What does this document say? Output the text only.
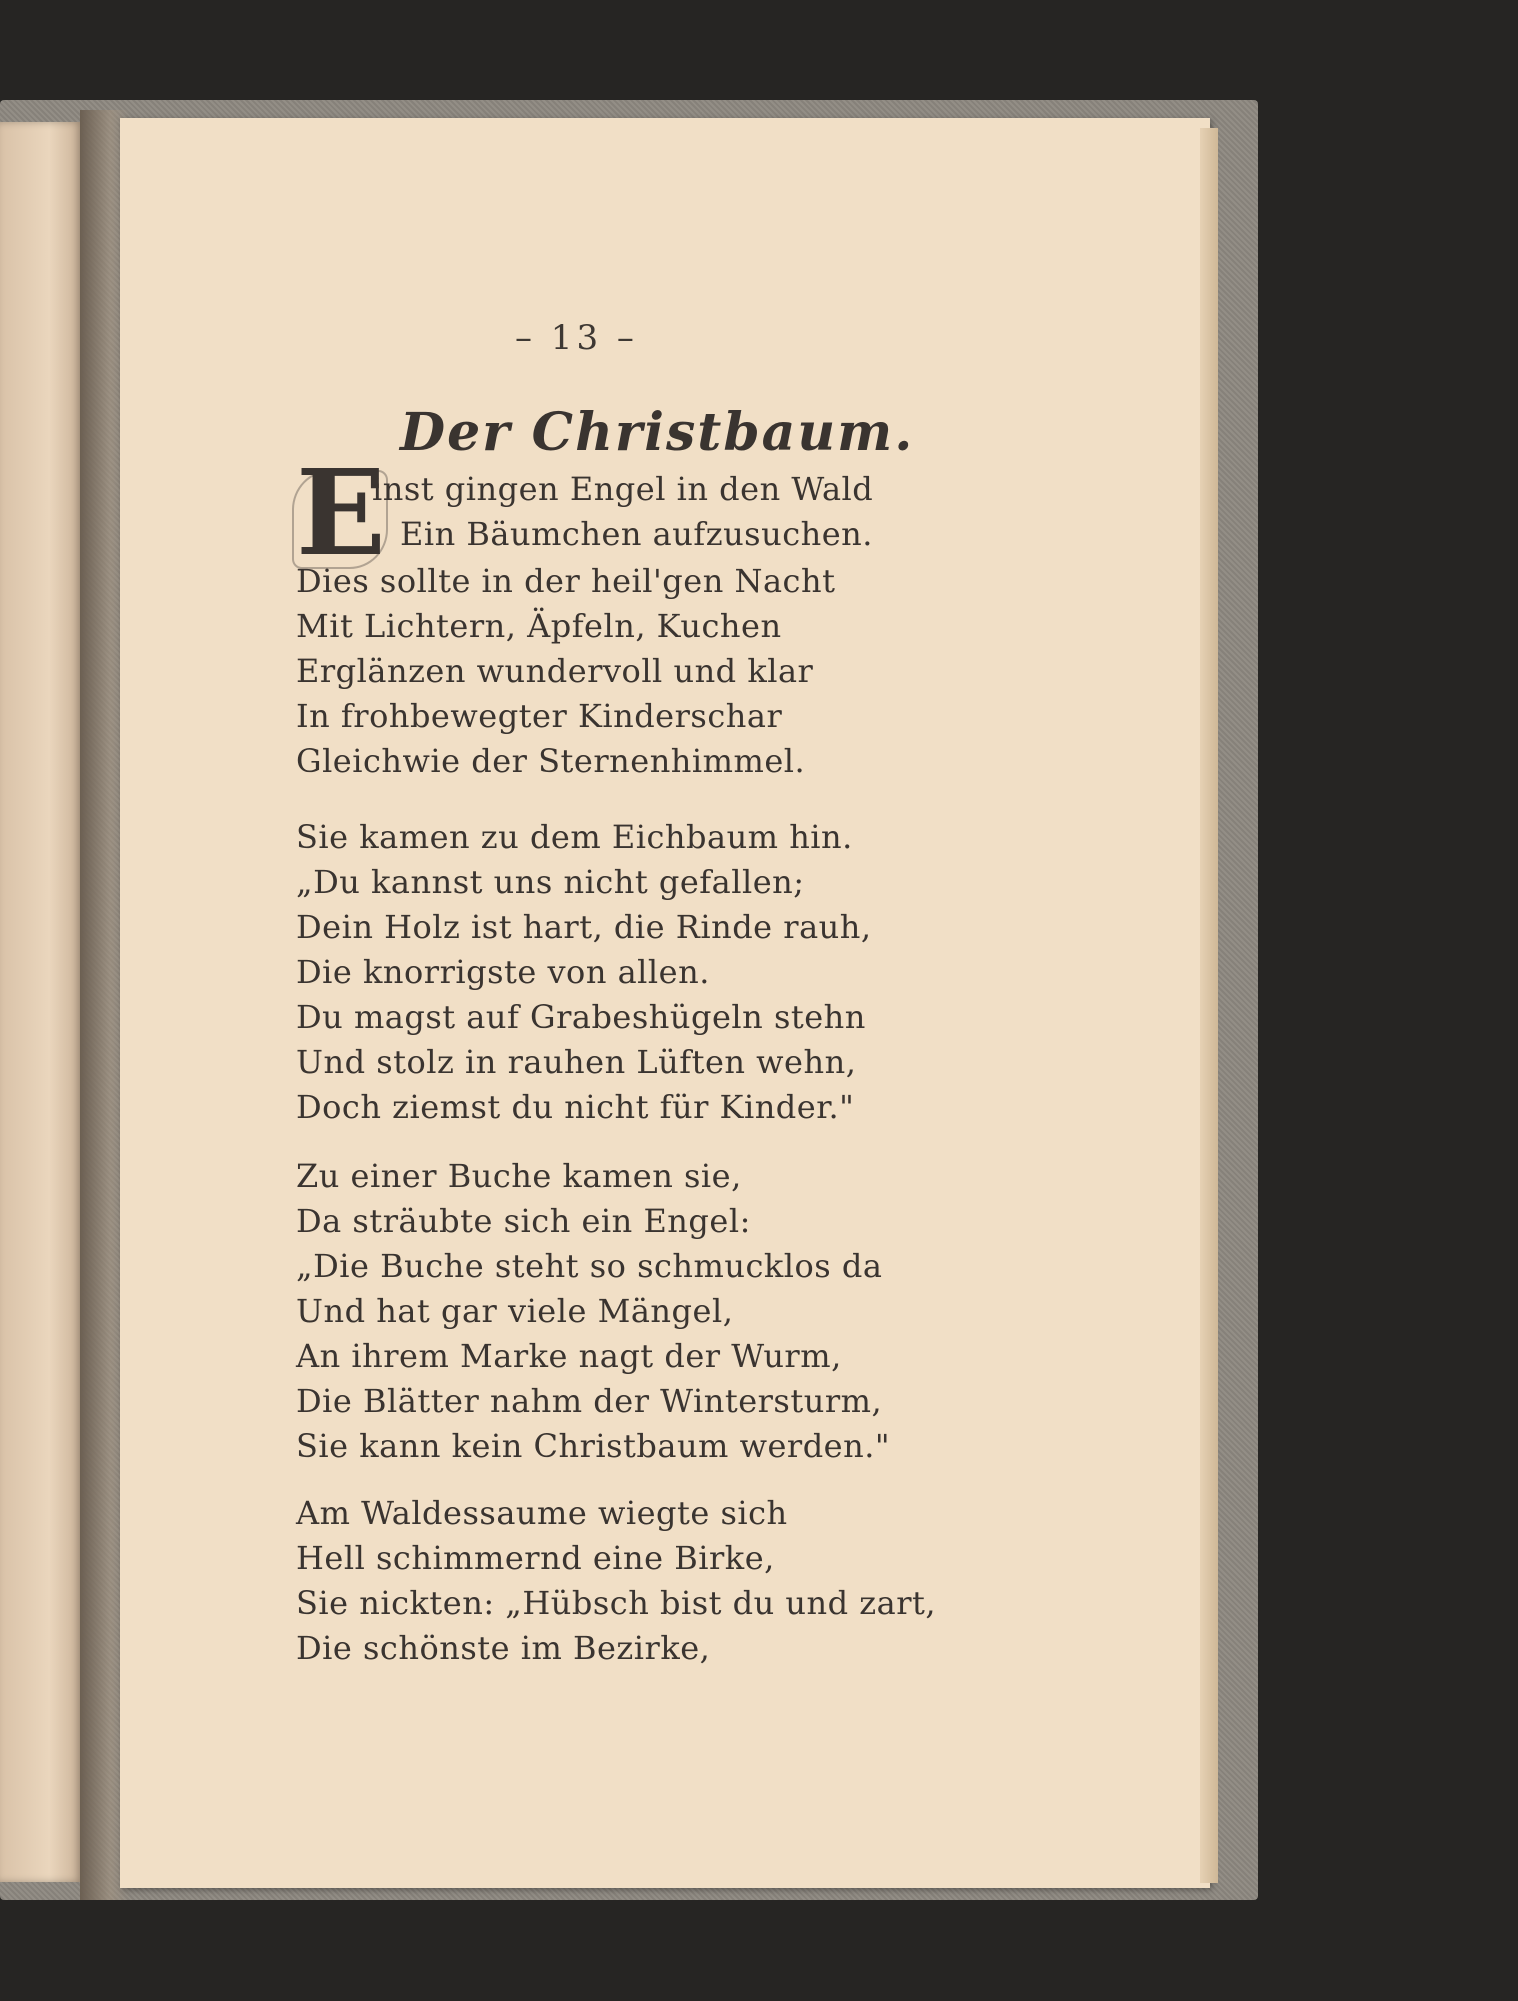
– 13 –
Der Christbaum.
E
inst gingen Engel in den Wald
Ein Bäumchen aufzusuchen.
Dies sollte in der heil'gen Nacht
Mit Lichtern, Äpfeln, Kuchen
Erglänzen wundervoll und klar
In frohbewegter Kinderschar
Gleichwie der Sternenhimmel.
Sie kamen zu dem Eichbaum hin.
„Du kannst uns nicht gefallen;
Dein Holz ist hart, die Rinde rauh,
Die knorrigste von allen.
Du magst auf Grabeshügeln stehn
Und stolz in rauhen Lüften wehn,
Doch ziemst du nicht für Kinder."
Zu einer Buche kamen sie,
Da sträubte sich ein Engel:
„Die Buche steht so schmucklos da
Und hat gar viele Mängel,
An ihrem Marke nagt der Wurm,
Die Blätter nahm der Wintersturm,
Sie kann kein Christbaum werden."
Am Waldessaume wiegte sich
Hell schimmernd eine Birke,
Sie nickten: „Hübsch bist du und zart,
Die schönste im Bezirke,
